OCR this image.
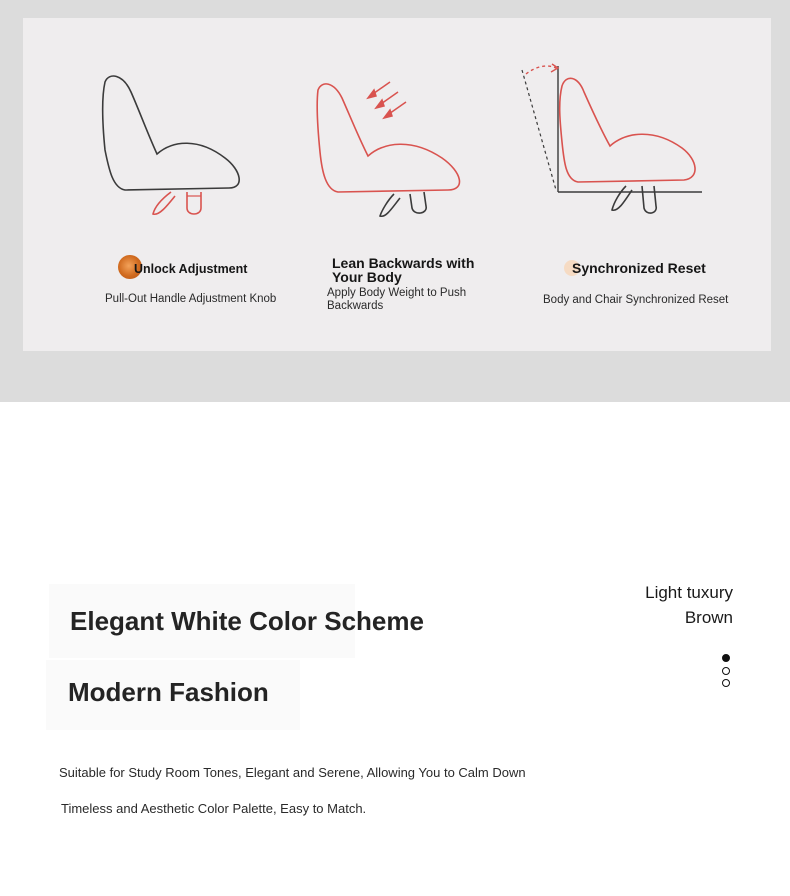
Unlock Adjustment
Pull-Out Handle Adjustment Knob
Lean Backwards with Your Body
Apply Body Weight to Push Backwards
Synchronized Reset
Body and Chair Synchronized Reset
Elegant White Color Scheme
Modern Fashion
Suitable for Study Room Tones, Elegant and Serene, Allowing You to Calm Down
Timeless and Aesthetic Color Palette, Easy to Match.
Light tuxury
Brown
